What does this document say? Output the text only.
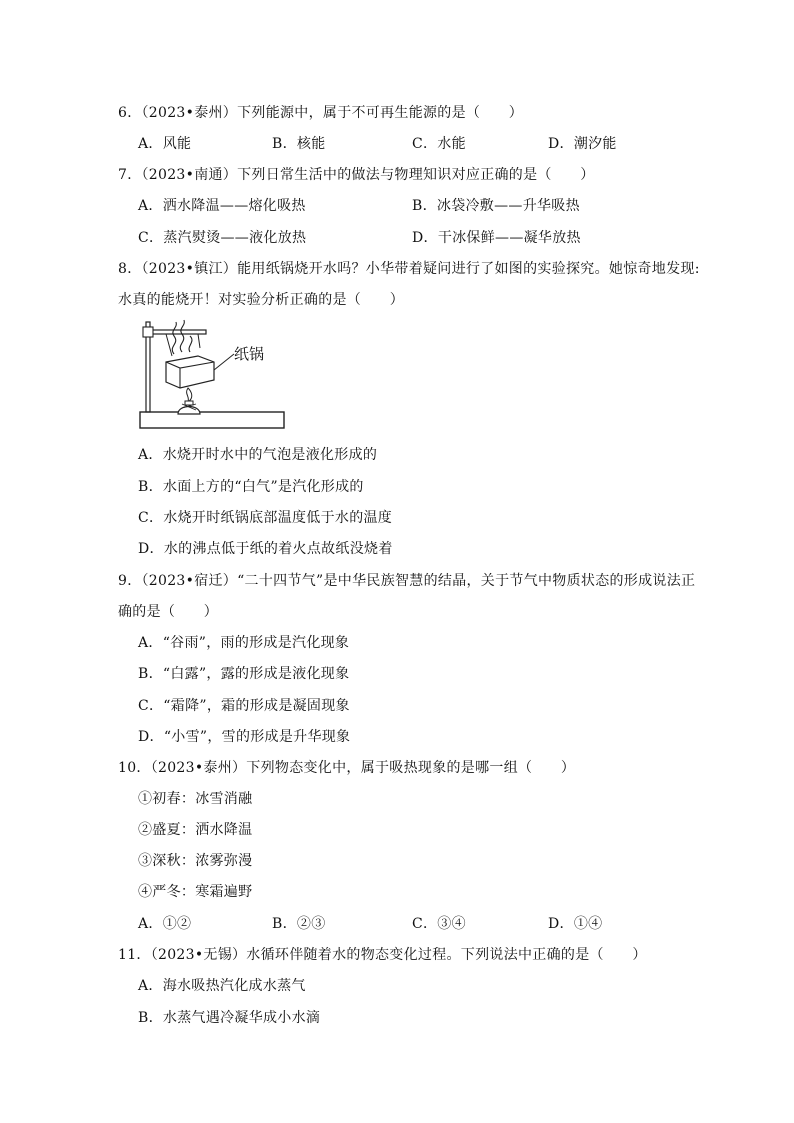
6．（2023•泰州）下列能源中，属于不可再生能源的是（　　）
A．风能	B．核能	C．水能	D．潮汐能
7．（2023•南通）下列日常生活中的做法与物理知识对应正确的是（　　）
A．洒水降温——熔化吸热	B．冰袋冷敷——升华吸热
C．蒸汽熨烫——液化放热	D．干冰保鲜——凝华放热
8．（2023•镇江）能用纸锅烧开水吗？小华带着疑问进行了如图的实验探究。她惊奇地发现:
水真的能烧开！对实验分析正确的是（　　）
纸锅
A．水烧开时水中的气泡是液化形成的
B．水面上方的“白气”是汽化形成的
C．水烧开时纸锅底部温度低于水的温度
D．水的沸点低于纸的着火点故纸没烧着
9．（2023•宿迁）“二十四节气”是中华民族智慧的结晶，关于节气中物质状态的形成说法正
确的是（　　）
A．“谷雨”，雨的形成是汽化现象
B．“白露”，露的形成是液化现象
C．“霜降”，霜的形成是凝固现象
D．“小雪”，雪的形成是升华现象
10．（2023•泰州）下列物态变化中，属于吸热现象的是哪一组（　　）
①初春：冰雪消融
②盛夏：洒水降温
③深秋：浓雾弥漫
④严冬：寒霜遍野
A．①②	B．②③	C．③④	D．①④
11．（2023•无锡）水循环伴随着水的物态变化过程。下列说法中正确的是（　　）
A．海水吸热汽化成水蒸气
B．水蒸气遇冷凝华成小水滴
